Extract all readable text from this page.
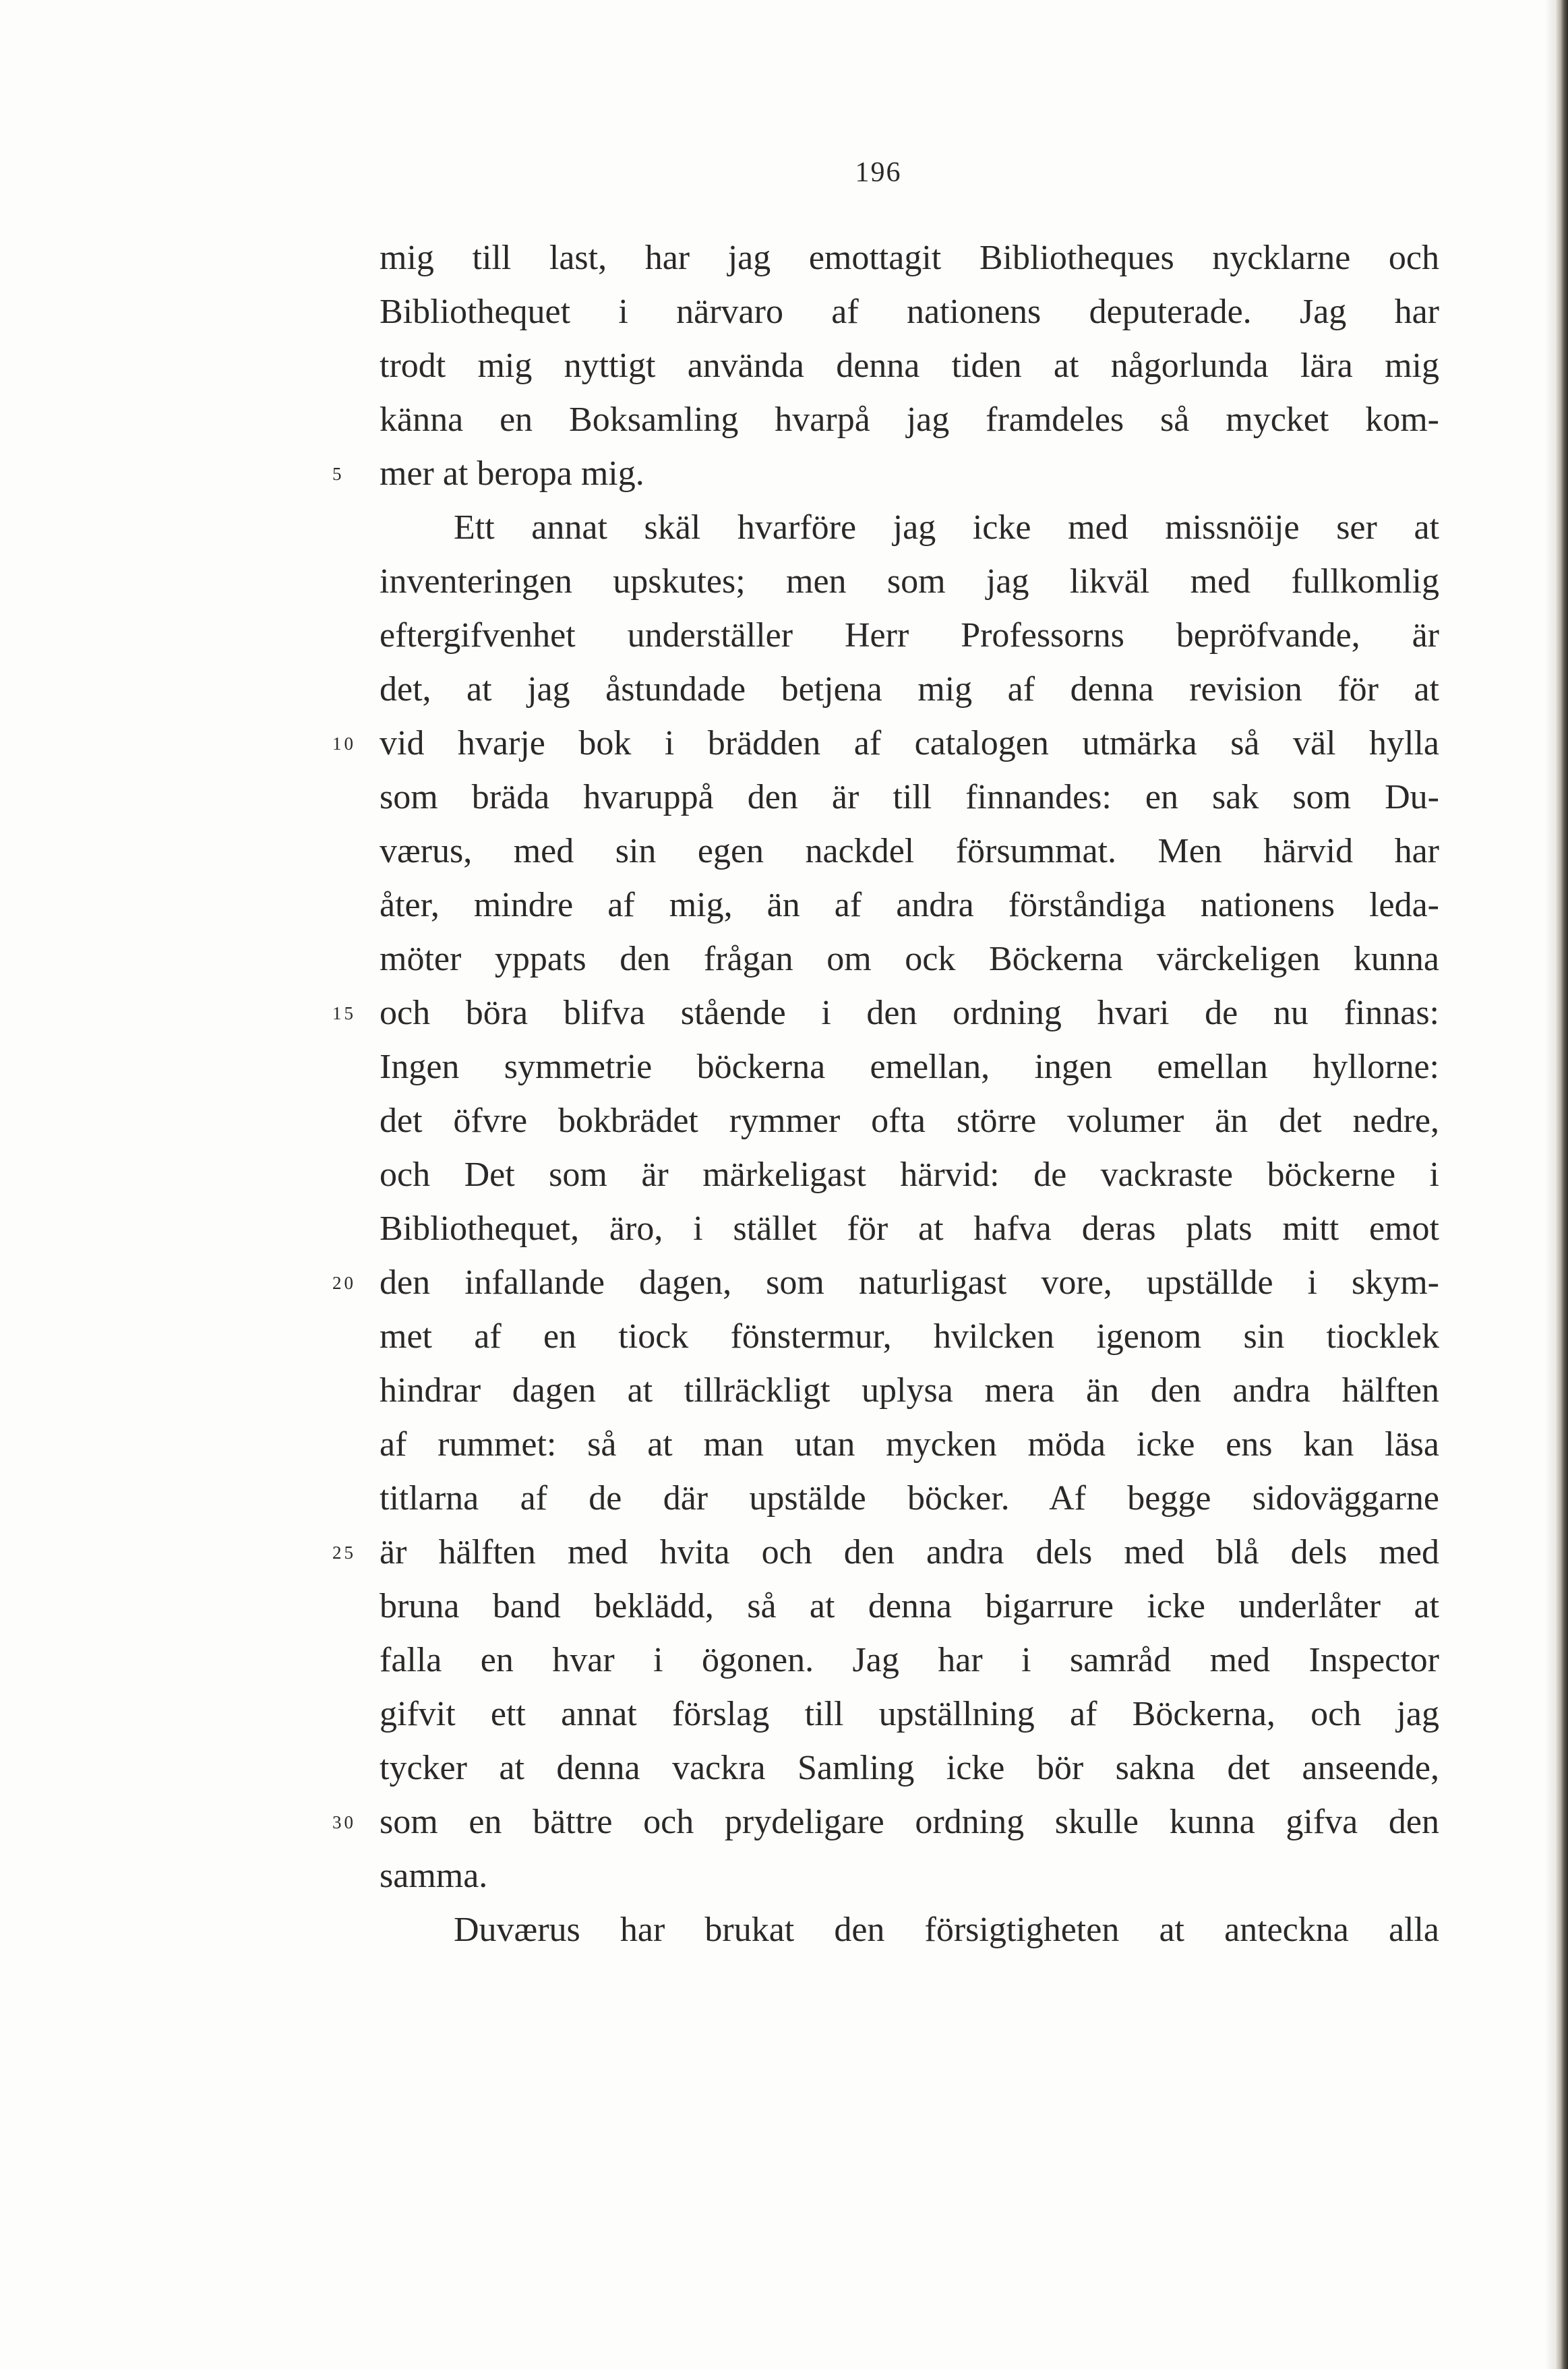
196
mig till last, har jag emottagit Bibliotheques nycklarne och
Bibliothequet i närvaro af nationens deputerade. Jag har
trodt mig nyttigt använda denna tiden at någorlunda lära mig
känna en Boksamling hvarpå jag framdeles så mycket kom-
5	mer at beropa mig.
Ett annat skäl hvarföre jag icke med missnöije ser at
inventeringen upskutes; men som jag likväl med fullkomlig
eftergifvenhet underställer Herr Professorns bepröfvande, är
det, at jag åstundade betjena mig af denna revision för at
10 vid hvarje bok i brädden af catalogen utmärka så väl hylla
som bräda hvaruppå den är till finnandes: en sak som Du-
værus, med sin egen nackdel försummat. Men härvid har
åter, mindre af mig, än af andra förståndiga nationens leda-
möter yppats den frågan om ock Böckerna värckeligen kunna
15 och böra blifva stående i den ordning hvari de nu finnas:
Ingen symmetrie böckerna emellan, ingen emellan hyllorne:
det öfvre bokbrädet rymmer ofta större volumer än det nedre,
och Det som är märkeligast härvid: de vackraste böckerne i
Bibliothequet, äro, i stället för at hafva deras plats mitt emot
20 den infallande dagen, som naturligast vore, upställde i skym-
met af en tiock fönstermur, hvilcken igenom sin tiocklek
hindrar dagen at tillräckligt uplysa mera än den andra hälften
af rummet: så at man utan mycken möda icke ens kan läsa
titlarna af de där upstälde böcker. Af begge sidoväggarne
25 är hälften med hvita och den andra dels med blå dels med
bruna band beklädd, så at denna bigarrure icke underlåter at
falla en hvar i ögonen. Jag har i samråd med Inspector
gifvit ett annat förslag till upställning af Böckerna, och jag
tycker at denna vackra Samling icke bör sakna det anseende,
30 som en bättre och prydeligare ordning skulle kunna gifva den
samma.
Duværus har brukat den försigtigheten at anteckna alla
